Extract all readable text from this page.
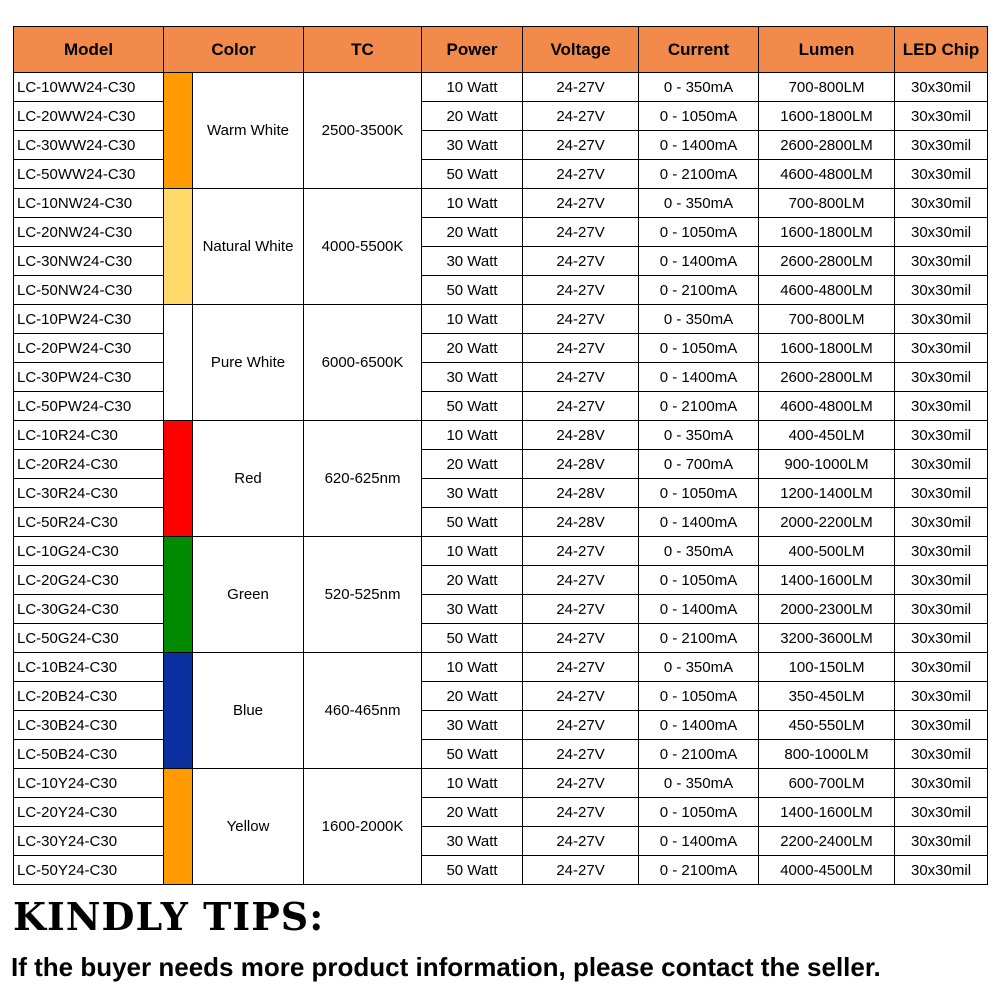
Model	Color		TC	Power	Voltage	Current	Lumen	LED Chip
LC-10WW24-C30		Warm White	2500-3500K	10 Watt	24-27V	0 - 350mA	700-800LM	30x30mil
LC-20WW24-C30				20 Watt	24-27V	0 - 1050mA	1600-1800LM	30x30mil
LC-30WW24-C30				30 Watt	24-27V	0 - 1400mA	2600-2800LM	30x30mil
LC-50WW24-C30				50 Watt	24-27V	0 - 2100mA	4600-4800LM	30x30mil
LC-10NW24-C30		Natural White	4000-5500K	10 Watt	24-27V	0 - 350mA	700-800LM	30x30mil
LC-20NW24-C30				20 Watt	24-27V	0 - 1050mA	1600-1800LM	30x30mil
LC-30NW24-C30				30 Watt	24-27V	0 - 1400mA	2600-2800LM	30x30mil
LC-50NW24-C30				50 Watt	24-27V	0 - 2100mA	4600-4800LM	30x30mil
LC-10PW24-C30		Pure White	6000-6500K	10 Watt	24-27V	0 - 350mA	700-800LM	30x30mil
LC-20PW24-C30				20 Watt	24-27V	0 - 1050mA	1600-1800LM	30x30mil
LC-30PW24-C30				30 Watt	24-27V	0 - 1400mA	2600-2800LM	30x30mil
LC-50PW24-C30				50 Watt	24-27V	0 - 2100mA	4600-4800LM	30x30mil
LC-10R24-C30		Red	620-625nm	10 Watt	24-28V	0 - 350mA	400-450LM	30x30mil
LC-20R24-C30				20 Watt	24-28V	0 - 700mA	900-1000LM	30x30mil
LC-30R24-C30				30 Watt	24-28V	0 - 1050mA	1200-1400LM	30x30mil
LC-50R24-C30				50 Watt	24-28V	0 - 1400mA	2000-2200LM	30x30mil
LC-10G24-C30		Green	520-525nm	10 Watt	24-27V	0 - 350mA	400-500LM	30x30mil
LC-20G24-C30				20 Watt	24-27V	0 - 1050mA	1400-1600LM	30x30mil
LC-30G24-C30				30 Watt	24-27V	0 - 1400mA	2000-2300LM	30x30mil
LC-50G24-C30				50 Watt	24-27V	0 - 2100mA	3200-3600LM	30x30mil
LC-10B24-C30		Blue	460-465nm	10 Watt	24-27V	0 - 350mA	100-150LM	30x30mil
LC-20B24-C30				20 Watt	24-27V	0 - 1050mA	350-450LM	30x30mil
LC-30B24-C30				30 Watt	24-27V	0 - 1400mA	450-550LM	30x30mil
LC-50B24-C30				50 Watt	24-27V	0 - 2100mA	800-1000LM	30x30mil
LC-10Y24-C30		Yellow	1600-2000K	10 Watt	24-27V	0 - 350mA	600-700LM	30x30mil
LC-20Y24-C30				20 Watt	24-27V	0 - 1050mA	1400-1600LM	30x30mil
LC-30Y24-C30				30 Watt	24-27V	0 - 1400mA	2200-2400LM	30x30mil
LC-50Y24-C30				50 Watt	24-27V	0 - 2100mA	4000-4500LM	30x30mil
KINDLY TIPS:

If the buyer needs more product information, please contact the seller.
